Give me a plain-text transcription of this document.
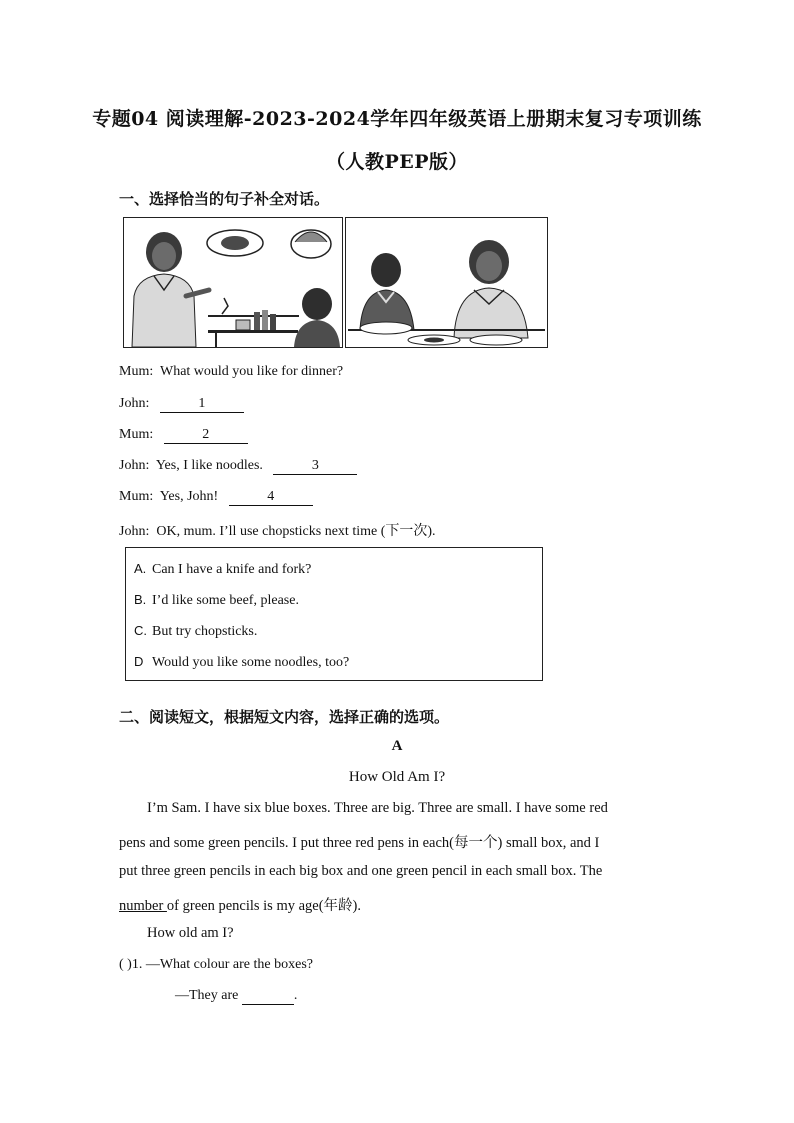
专题04 阅读理解-2023-2024学年四年级英语上册期末复习专项训练
（人教PEP版）
一、选择恰当的句子补全对话。
Mum: What would you like for dinner?
John:	1
Mum:	2
John: Yes, I like noodles.	3
Mum: Yes, John!	4
John: OK, mum. I’ll use chopsticks next time (下一次).
A. Can I have a knife and fork?
B. I’d like some beef, please.
C. But try chopsticks.
D Would you like some noodles, too?
二、阅读短文，根据短文内容，选择正确的选项。
A
How Old Am I?
I’m Sam. I have six blue boxes. Three are big. Three are small. I have some red
pens and some green pencils. I put three red pens in each(每一个) small box, and I
put three green pencils in each big box and one green pencil in each small box. The
number of green pencils is my age(年龄).
How old am I?
( )1. —What colour are the boxes?
—They are	.
